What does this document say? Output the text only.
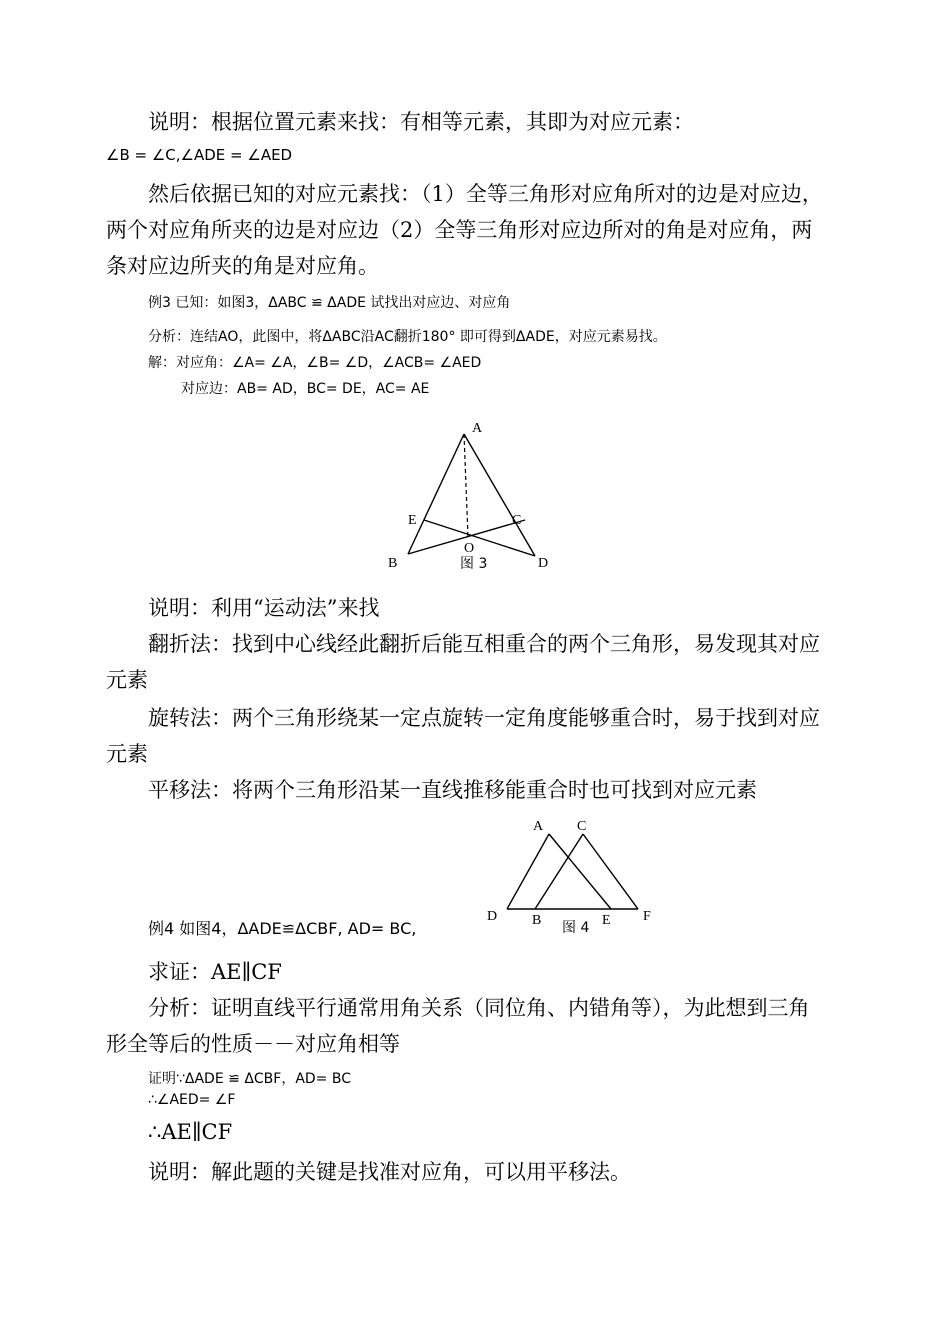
说明：根据位置元素来找：有相等元素，其即为对应元素：
∠B = ∠C,∠ADE = ∠AED
然后依据已知的对应元素找：（1）全等三角形对应角所对的边是对应边，
两个对应角所夹的边是对应边（2）全等三角形对应边所对的角是对应角，两
条对应边所夹的角是对应角。
例3 已知：如图3，ΔABC ≌ ΔADE 试找出对应边、对应角
分析：连结AO，此图中，将ΔABC沿AC翻折180° 即可得到ΔADE，对应元素易找。
解：对应角：∠A= ∠A，∠B= ∠D，∠ACB= ∠AED
对应边：AB= AD，BC= DE，AC= AE
A
E	C
O
B	D
图 3
说明：利用“运动法”来找
翻折法：找到中心线经此翻折后能互相重合的两个三角形，易发现其对应
元素
旋转法：两个三角形绕某一定点旋转一定角度能够重合时，易于找到对应
元素
平移法：将两个三角形沿某一直线推移能重合时也可找到对应元素
例4 如图4，ΔADE≌ΔCBF, AD= BC,
A C
D B	E F
图 4
求证：AE∥CF
分析：证明直线平行通常用角关系（同位角、内错角等），为此想到三角
形全等后的性质－－对应角相等
证明∵ΔADE ≌ ΔCBF，AD= BC
∴∠AED= ∠F
∴AE∥CF
说明：解此题的关键是找准对应角，可以用平移法。
